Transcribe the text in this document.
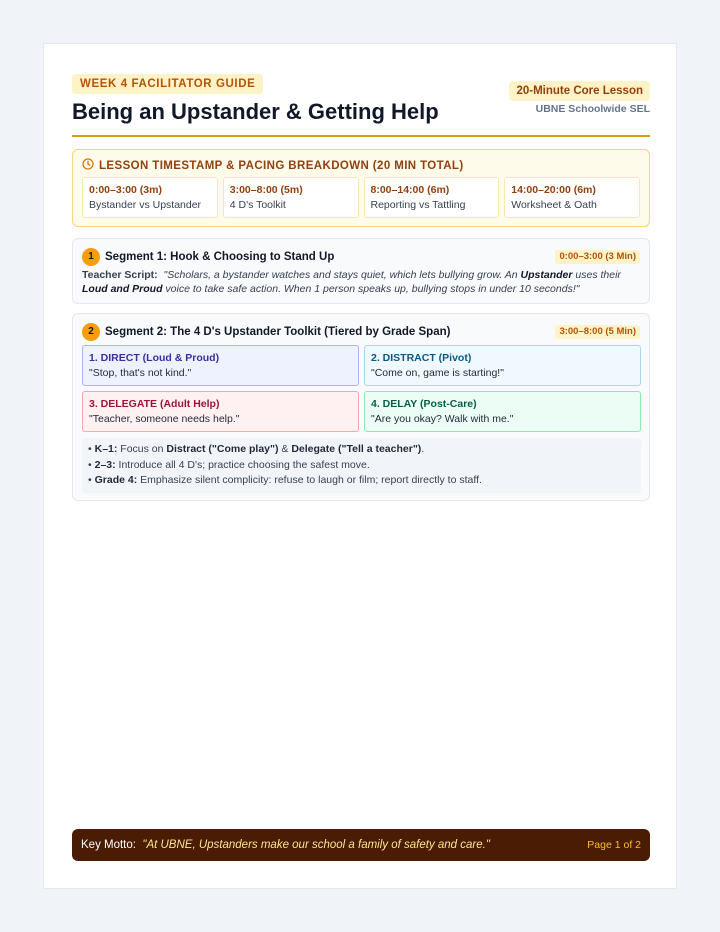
WEEK 4 FACILITATOR GUIDE
Being an Upstander & Getting Help
20-Minute Core Lesson
UBNE Schoolwide SEL
LESSON TIMESTAMP & PACING BREAKDOWN (20 MIN TOTAL)
0:00–3:00 (3m)
Bystander vs Upstander
3:00–8:00 (5m)
4 D's Toolkit
8:00–14:00 (6m)
Reporting vs Tattling
14:00–20:00 (6m)
Worksheet & Oath
1 Segment 1: Hook & Choosing to Stand Up	0:00–3:00 (3 Min)

Teacher Script: "Scholars, a bystander watches and stays quiet, which lets bullying grow. An Upstander uses their Loud and Proud voice to take safe action. When 1 person speaks up, bullying stops in under 10 seconds!"

2 Segment 2: The 4 D's Upstander Toolkit (Tiered by Grade Span)	3:00–8:00 (5 Min)
1. DIRECT (Loud & Proud)
"Stop, that's not kind."
2. DISTRACT (Pivot)
"Come on, game is starting!"
3. DELEGATE (Adult Help)
"Teacher, someone needs help."
4. DELAY (Post-Care)
"Are you okay? Walk with me."
• K–1: Focus on Distract ("Come play") & Delegate ("Tell a teacher").
• 2–3: Introduce all 4 D's; practice choosing the safest move.
• Grade 4: Emphasize silent complicity: refuse to laugh or film; report directly to staff.

Key Motto: "At UBNE, Upstanders make our school a family of safety and care."	Page 1 of 2
